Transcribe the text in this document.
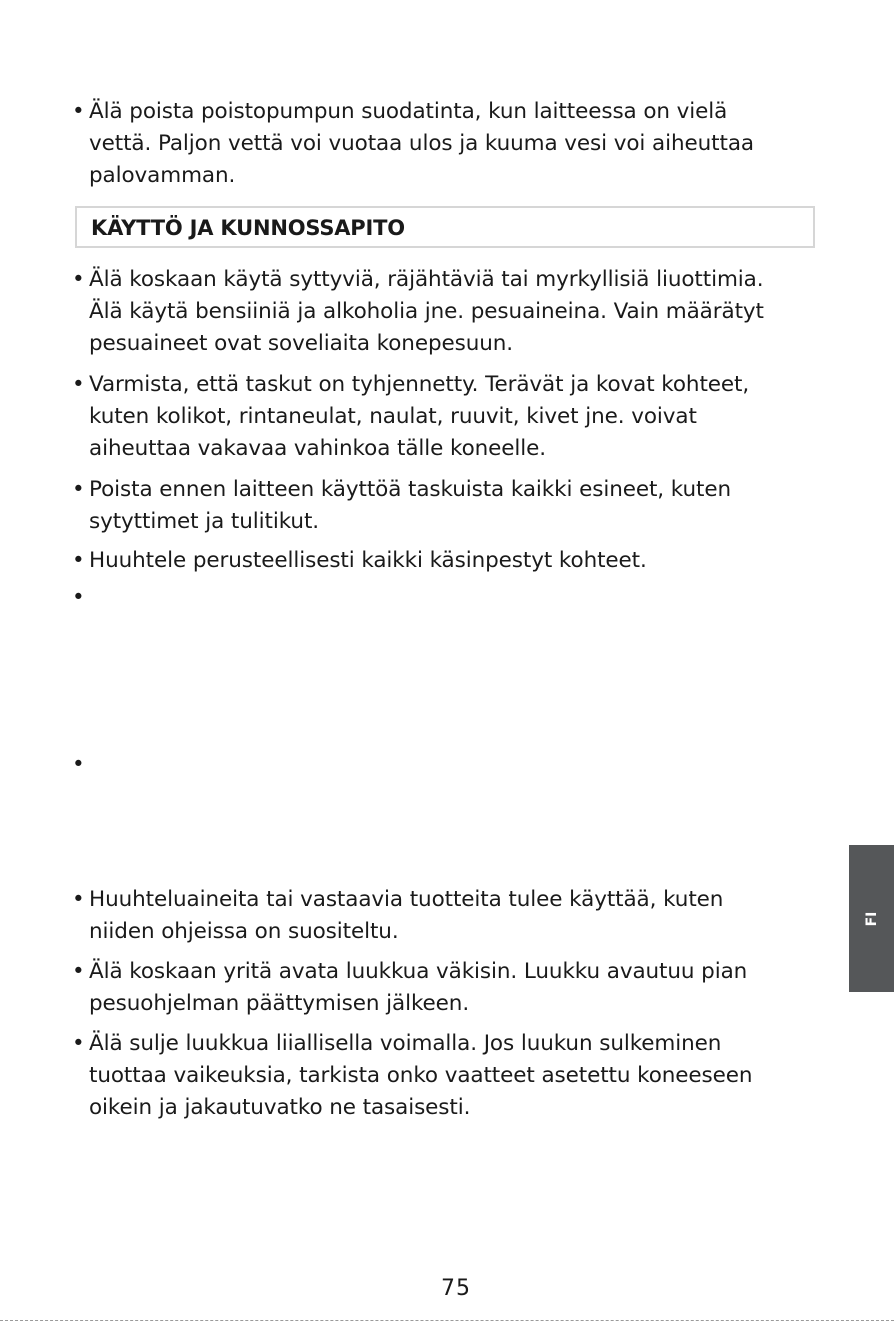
• Älä poista poistopumpun suodatinta, kun laitteessa on vielä vettä. Paljon vettä voi vuotaa ulos ja kuuma vesi voi aiheuttaa palovamman.
KÄYTTÖ JA KUNNOSSAPITO
• Älä koskaan käytä syttyviä, räjähtäviä tai myrkyllisiä liuottimia. Älä käytä bensiiniä ja alkoholia jne. pesuaineina. Vain määrätyt pesuaineet ovat soveliaita konepesuun.
• Varmista, että taskut on tyhjennetty. Terävät ja kovat kohteet, kuten kolikot, rintaneulat, naulat, ruuvit, kivet jne. voivat aiheuttaa vakavaa vahinkoa tälle koneelle.
• Poista ennen laitteen käyttöä taskuista kaikki esineet, kuten sytyttimet ja tulitikut.
• Huuhtele perusteellisesti kaikki käsinpestyt kohteet.
•
•
• Huuhteluaineita tai vastaavia tuotteita tulee käyttää, kuten niiden ohjeissa on suositeltu.
• Älä koskaan yritä avata luukkua väkisin. Luukku avautuu pian pesuohjelman päättymisen jälkeen.
• Älä sulje luukkua liiallisella voimalla. Jos luukun sulkeminen tuottaa vaikeuksia, tarkista onko vaatteet asetettu koneeseen oikein ja jakautuvatko ne tasaisesti.
FI
75
